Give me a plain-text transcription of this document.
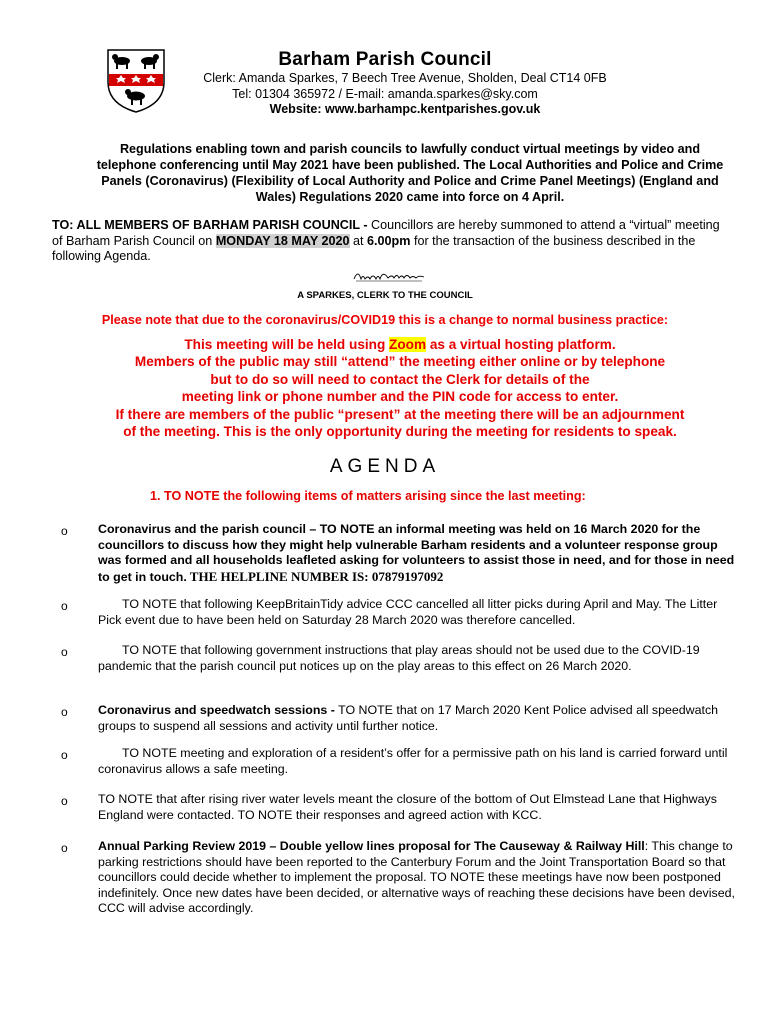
Barham Parish Council
Clerk: Amanda Sparkes, 7 Beech Tree Avenue, Sholden, Deal CT14 0FB
Tel: 01304 365972 / E-mail: amanda.sparkes@sky.com
Website: www.barhampc.kentparishes.gov.uk
Regulations enabling town and parish councils to lawfully conduct virtual meetings by video and telephone conferencing until May 2021 have been published. The Local Authorities and Police and Crime Panels (Coronavirus) (Flexibility of Local Authority and Police and Crime Panel Meetings) (England and Wales) Regulations 2020 came into force on 4 April.
TO: ALL MEMBERS OF BARHAM PARISH COUNCIL - Councillors are hereby summoned to attend a “virtual” meeting of Barham Parish Council on MONDAY 18 MAY 2020 at 6.00pm for the transaction of the business described in the following Agenda.
A SPARKES, CLERK TO THE COUNCIL
Please note that due to the coronavirus/COVID19 this is a change to normal business practice:
This meeting will be held using Zoom as a virtual hosting platform.
Members of the public may still “attend” the meeting either online or by telephone
but to do so will need to contact the Clerk for details of the
meeting link or phone number and the PIN code for access to enter.
If there are members of the public “present” at the meeting there will be an adjournment
of the meeting. This is the only opportunity during the meeting for residents to speak.
AGENDA
1. TO NOTE the following items of matters arising since the last meeting:
o
o
o
o
o
o
o
Coronavirus and the parish council – TO NOTE an informal meeting was held on 16 March 2020 for the councillors to discuss how they might help vulnerable Barham residents and a volunteer response group was formed and all households leafleted asking for volunteers to assist those in need, and for those in need to get in touch. THE HELPLINE NUMBER IS: 07879197092
TO NOTE that following KeepBritainTidy advice CCC cancelled all litter picks during April and May. The Litter Pick event due to have been held on Saturday 28 March 2020 was therefore cancelled.
TO NOTE that following government instructions that play areas should not be used due to the COVID-19 pandemic that the parish council put notices up on the play areas to this effect on 26 March 2020.
Coronavirus and speedwatch sessions - TO NOTE that on 17 March 2020 Kent Police advised all speedwatch groups to suspend all sessions and activity until further notice.
TO NOTE meeting and exploration of a resident’s offer for a permissive path on his land is carried forward until coronavirus allows a safe meeting.
TO NOTE that after rising river water levels meant the closure of the bottom of Out Elmstead Lane that Highways England were contacted. TO NOTE their responses and agreed action with KCC.
Annual Parking Review 2019 – Double yellow lines proposal for The Causeway & Railway Hill: This change to parking restrictions should have been reported to the Canterbury Forum and the Joint Transportation Board so that councillors could decide whether to implement the proposal. TO NOTE these meetings have now been postponed indefinitely. Once new dates have been decided, or alternative ways of reaching these decisions have been devised, CCC will advise accordingly.
